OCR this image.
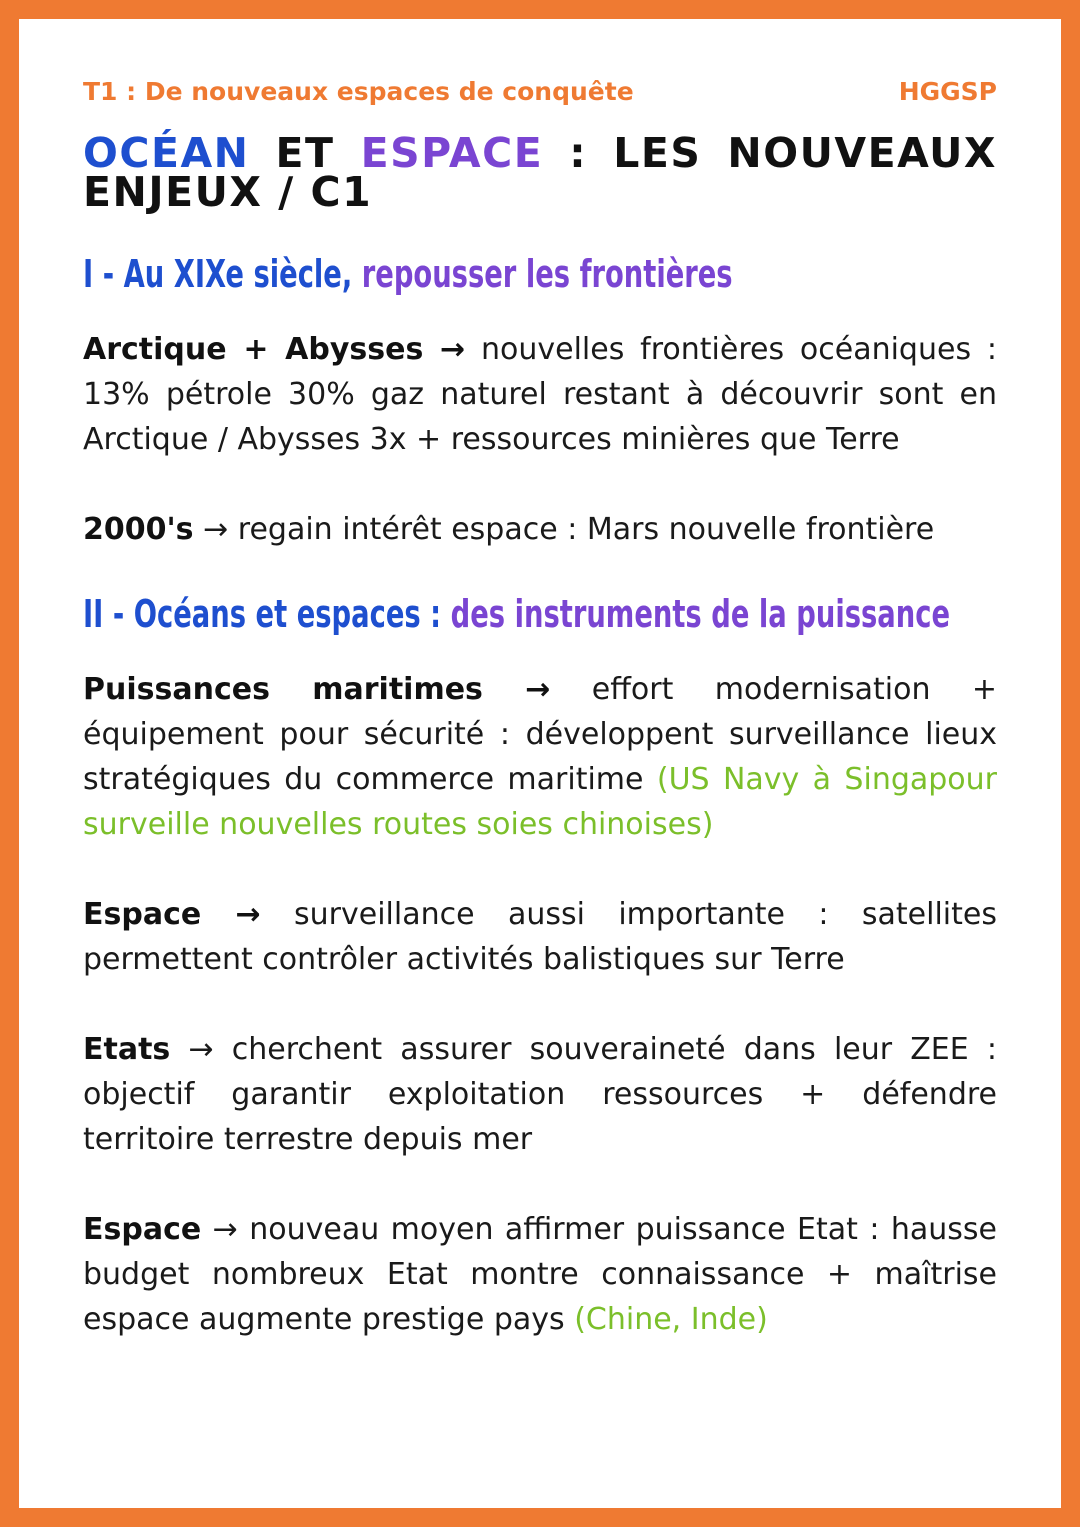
T1 : De nouveaux espaces de conquête	HGGSP
OCÉAN ET ESPACE : LES NOUVEAUX ENJEUX / C1
I - Au XIXe siècle, repousser les frontières

Arctique + Abysses → nouvelles frontières océaniques : 13% pétrole 30% gaz naturel restant à découvrir sont en Arctique / Abysses 3x + ressources minières que Terre

2000's → regain intérêt espace : Mars nouvelle frontière

II - Océans et espaces : des instruments de la puissance

Puissances maritimes → effort modernisation + équipement pour sécurité : développent surveillance lieux stratégiques du commerce maritime (US Navy à Singapour surveille nouvelles routes soies chinoises)

Espace → surveillance aussi importante : satellites permettent contrôler activités balistiques sur Terre

Etats → cherchent assurer souveraineté dans leur ZEE : objectif garantir exploitation ressources + défendre territoire terrestre depuis mer

Espace → nouveau moyen affirmer puissance Etat : hausse budget nombreux Etat montre connaissance + maîtrise espace augmente prestige pays (Chine, Inde)
